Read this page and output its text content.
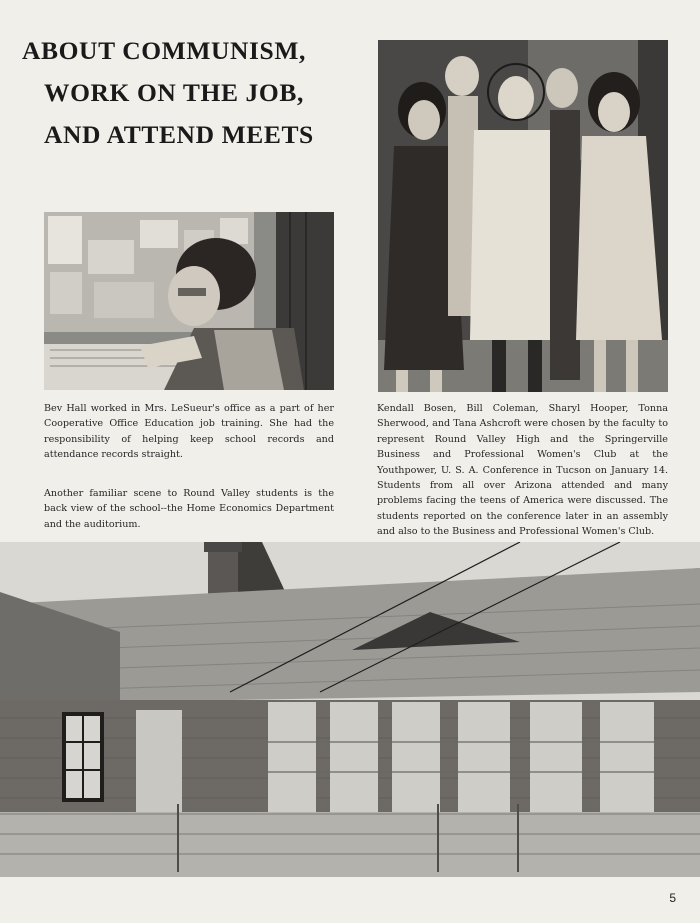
ABOUT COMMUNISM,
WORK ON THE JOB,
AND ATTEND MEETS
Bev Hall worked in Mrs. LeSueur's office as a part of her Cooperative Office Education job training. She had the responsibility of helping keep school records and attendance records straight.
Another familiar scene to Round Valley students is the back view of the school--the Home Economics Department and the auditorium.
Kendall Bosen, Bill Coleman, Sharyl Hooper, Tonna Sherwood, and Tana Ashcroft were chosen by the faculty to represent Round Valley High and the Springerville Business and Professional Women's Club at the Youthpower, U. S. A. Conference in Tucson on January 14. Students from all over Arizona attended and many problems facing the teens of America were discussed. The students reported on the conference later in an assembly and also to the Business and Professional Women's Club.
5
